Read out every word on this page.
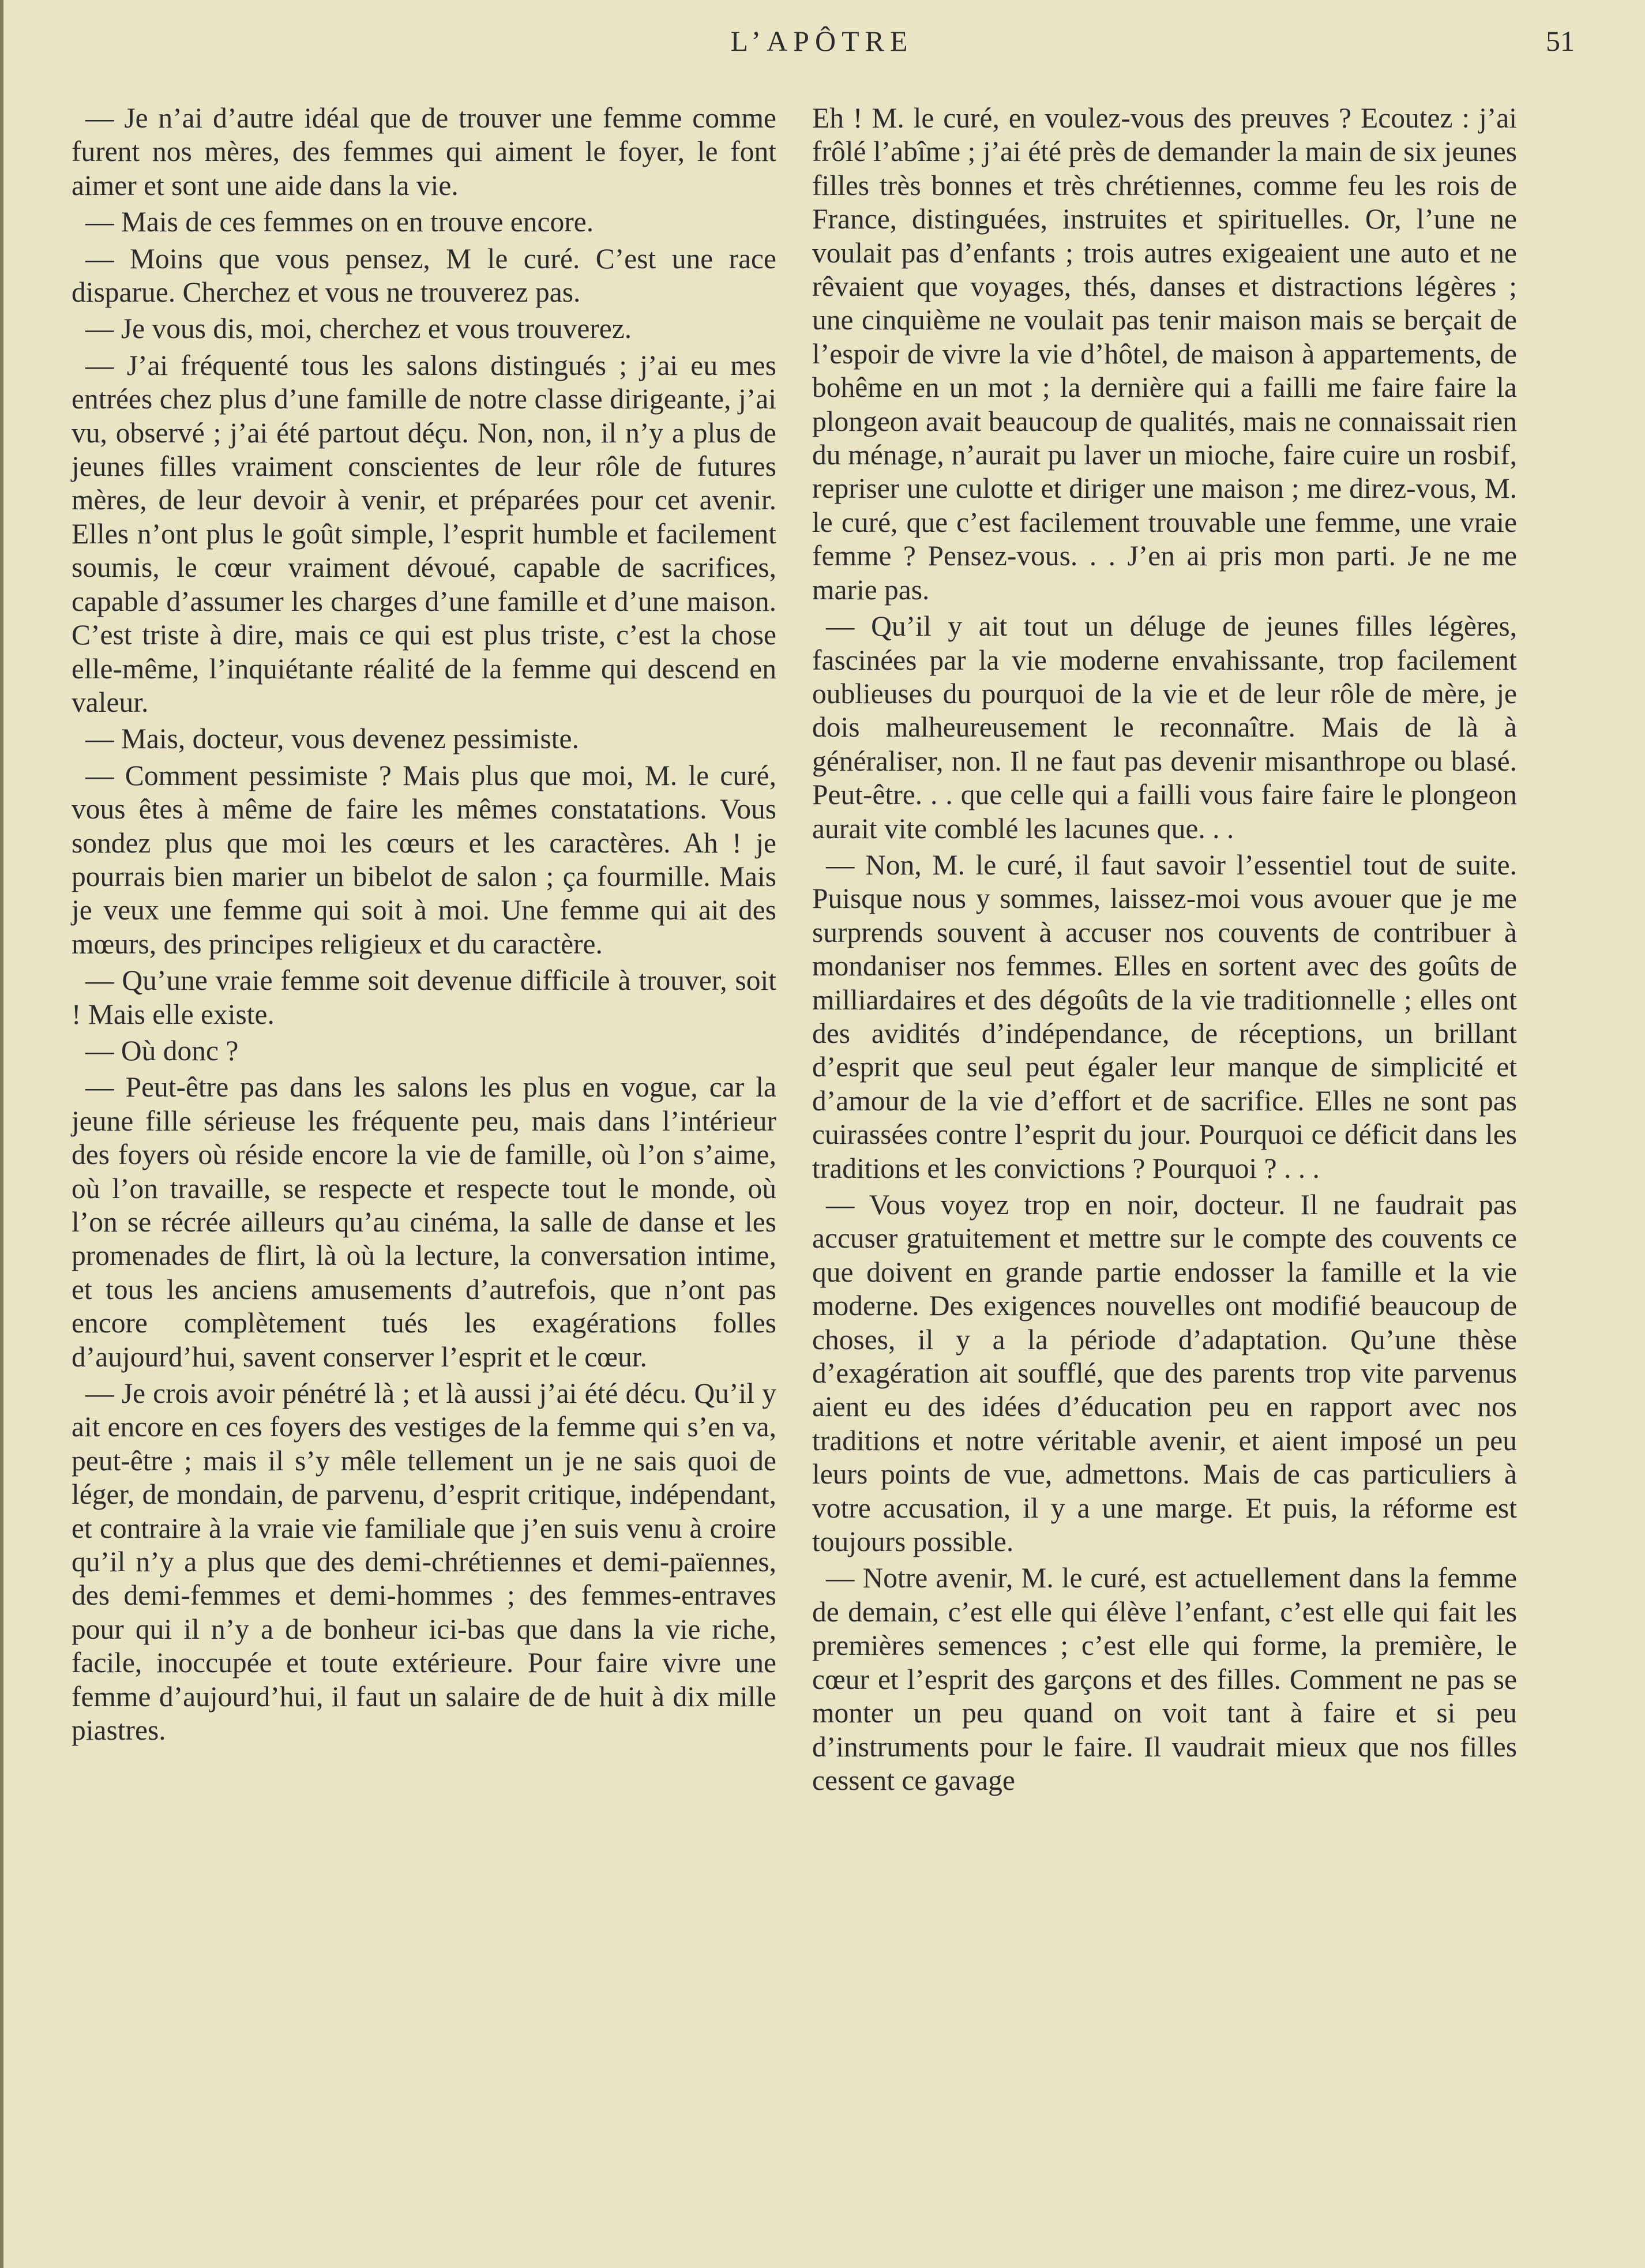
L’APÔTRE	51

— Je n’ai d’autre idéal que de trouver une femme comme furent nos mères, des femmes qui aiment le foyer, le font aimer et sont une aide dans la vie.

— Mais de ces femmes on en trouve encore.

— Moins que vous pensez, M le curé. C’est une race disparue. Cherchez et vous ne trouverez pas.

— Je vous dis, moi, cherchez et vous trouverez.

— J’ai fréquenté tous les salons distingués ; j’ai eu mes entrées chez plus d’une famille de notre classe dirigeante, j’ai vu, observé ; j’ai été partout déçu. Non, non, il n’y a plus de jeunes filles vraiment conscientes de leur rôle de futures mères, de leur devoir à venir, et préparées pour cet avenir. Elles n’ont plus le goût simple, l’esprit humble et facilement soumis, le cœur vraiment dévoué, capable de sacrifices, capable d’assumer les charges d’une famille et d’une maison. C’est triste à dire, mais ce qui est plus triste, c’est la chose elle-même, l’inquiétante réalité de la femme qui descend en valeur.

— Mais, docteur, vous devenez pessimiste.

— Comment pessimiste ? Mais plus que moi, M. le curé, vous êtes à même de faire les mêmes constatations. Vous sondez plus que moi les cœurs et les caractères. Ah ! je pourrais bien marier un bibelot de salon ; ça fourmille. Mais je veux une femme qui soit à moi. Une femme qui ait des mœurs, des principes religieux et du caractère.

— Qu’une vraie femme soit devenue difficile à trouver, soit ! Mais elle existe.

— Où donc ?

— Peut-être pas dans les salons les plus en vogue, car la jeune fille sérieuse les fréquente peu, mais dans l’intérieur des foyers où réside encore la vie de famille, où l’on s’aime, où l’on travaille, se respecte et respecte tout le monde, où l’on se récrée ailleurs qu’au cinéma, la salle de danse et les promenades de flirt, là où la lecture, la conversation intime, et tous les anciens amusements d’autrefois, que n’ont pas encore complètement tués les exagérations folles d’aujourd’hui, savent conserver l’esprit et le cœur.

— Je crois avoir pénétré là ; et là aussi j’ai été décu. Qu’il y ait encore en ces foyers des vestiges de la femme qui s’en va, peut-être ; mais il s’y mêle tellement un je ne sais quoi de léger, de mondain, de parvenu, d’esprit critique, indépendant, et contraire à la vraie vie familiale que j’en suis venu à croire qu’il n’y a plus que des demi-chrétiennes et demi-païennes, des demi-femmes et demi-hommes ; des femmes-entraves pour qui il n’y a de bonheur ici-bas que dans la vie riche, facile, inoccupée et toute extérieure. Pour faire vivre une femme d’aujourd’hui, il faut un salaire de de huit à dix mille piastres.

Eh ! M. le curé, en voulez-vous des preuves ? Ecoutez : j’ai frôlé l’abîme ; j’ai été près de demander la main de six jeunes filles très bonnes et très chrétiennes, comme feu les rois de France, distinguées, instruites et spirituelles. Or, l’une ne voulait pas d’enfants ; trois autres exigeaient une auto et ne rêvaient que voyages, thés, danses et distractions légères ; une cinquième ne voulait pas tenir maison mais se berçait de l’espoir de vivre la vie d’hôtel, de maison à appartements, de bohême en un mot ; la dernière qui a failli me faire faire la plongeon avait beaucoup de qualités, mais ne connaissait rien du ménage, n’aurait pu laver un mioche, faire cuire un rosbif, repriser une culotte et diriger une maison ; me direz-vous, M. le curé, que c’est facilement trouvable une femme, une vraie femme ? Pensez-vous. . . J’en ai pris mon parti. Je ne me marie pas.

— Qu’il y ait tout un déluge de jeunes filles légères, fascinées par la vie moderne envahissante, trop facilement oublieuses du pourquoi de la vie et de leur rôle de mère, je dois malheureusement le reconnaître. Mais de là à généraliser, non. Il ne faut pas devenir misanthrope ou blasé. Peut-être. . . que celle qui a failli vous faire faire le plongeon aurait vite comblé les lacunes que. . .

— Non, M. le curé, il faut savoir l’essentiel tout de suite. Puisque nous y sommes, laissez-moi vous avouer que je me surprends souvent à accuser nos couvents de contribuer à mondaniser nos femmes. Elles en sortent avec des goûts de milliardaires et des dégoûts de la vie traditionnelle ; elles ont des avidités d’indépendance, de réceptions, un brillant d’esprit que seul peut égaler leur manque de simplicité et d’amour de la vie d’effort et de sacrifice. Elles ne sont pas cuirassées contre l’esprit du jour. Pourquoi ce déficit dans les traditions et les convictions ? Pourquoi ? . . .

— Vous voyez trop en noir, docteur. Il ne faudrait pas accuser gratuitement et mettre sur le compte des couvents ce que doivent en grande partie endosser la famille et la vie moderne. Des exigences nouvelles ont modifié beaucoup de choses, il y a la période d’adaptation. Qu’une thèse d’exagération ait soufflé, que des parents trop vite parvenus aient eu des idées d’éducation peu en rapport avec nos traditions et notre véritable avenir, et aient imposé un peu leurs points de vue, admettons. Mais de cas particuliers à votre accusation, il y a une marge. Et puis, la réforme est toujours possible.

— Notre avenir, M. le curé, est actuellement dans la femme de demain, c’est elle qui élève l’enfant, c’est elle qui fait les premières semences ; c’est elle qui forme, la première, le cœur et l’esprit des garçons et des filles. Comment ne pas se monter un peu quand on voit tant à faire et si peu d’instruments pour le faire. Il vaudrait mieux que nos filles cessent ce gavage
